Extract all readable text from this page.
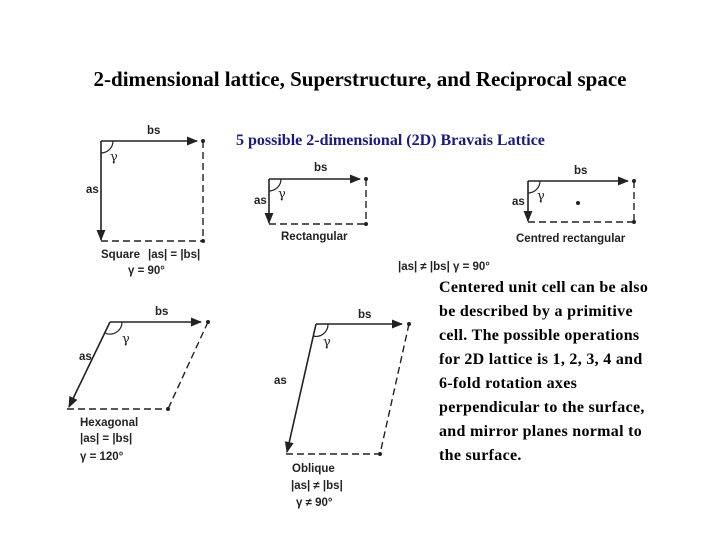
2-dimensional lattice, Superstructure, and Reciprocal space
5 possible 2-dimensional (2D) Bravais Lattice
γ
bs
as
Square |as| = |bs|
γ = 90°
γ
bs
as
Rectangular
γ
bs
as
Centred rectangular
|as| ≠ |bs| γ = 90°
γ
bs
as
Hexagonal
|as| = |bs|
γ = 120°
γ
bs
as
Oblique
|as| ≠ |bs|
γ ≠ 90°
Centered unit cell can be also be described by a primitive cell. The possible operations for 2D lattice is 1, 2, 3, 4 and 6-fold rotation axes perpendicular to the surface, and mirror planes normal to the surface.
